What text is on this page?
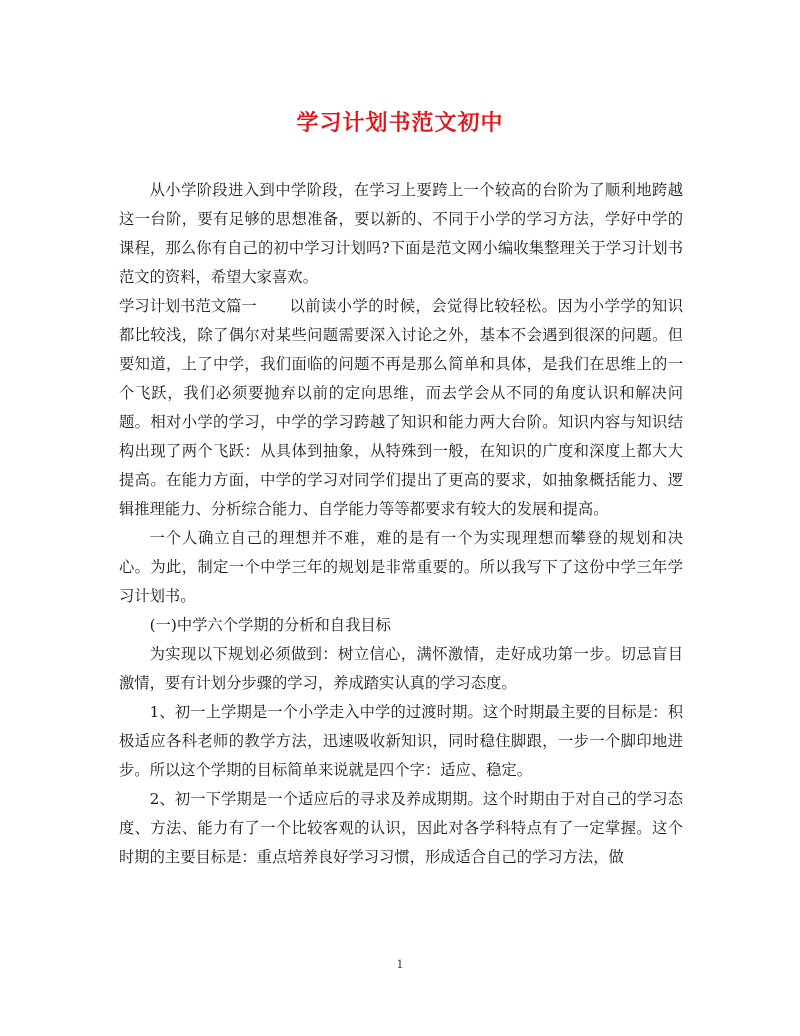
学习计划书范文初中

从小学阶段进入到中学阶段，在学习上要跨上一个较高的台阶为了顺利地跨越这一台阶，要有足够的思想准备，要以新的、不同于小学的学习方法，学好中学的课程，那么你有自己的初中学习计划吗?下面是范文网小编收集整理关于学习计划书范文的资料，希望大家喜欢。

学习计划书范文篇一 以前读小学的时候，会觉得比较轻松。因为小学学的知识都比较浅，除了偶尔对某些问题需要深入讨论之外，基本不会遇到很深的问题。但要知道，上了中学，我们面临的问题不再是那么简单和具体，是我们在思维上的一个飞跃，我们必须要抛弃以前的定向思维，而去学会从不同的角度认识和解决问题。相对小学的学习，中学的学习跨越了知识和能力两大台阶。知识内容与知识结构出现了两个飞跃：从具体到抽象，从特殊到一般，在知识的广度和深度上都大大提高。在能力方面，中学的学习对同学们提出了更高的要求，如抽象概括能力、逻辑推理能力、分析综合能力、自学能力等等都要求有较大的发展和提高。

一个人确立自己的理想并不难，难的是有一个为实现理想而攀登的规划和决心。为此，制定一个中学三年的规划是非常重要的。所以我写下了这份中学三年学习计划书。

(一)中学六个学期的分析和自我目标

为实现以下规划必须做到：树立信心，满怀激情，走好成功第一步。切忌盲目激情，要有计划分步骤的学习，养成踏实认真的学习态度。

1、初一上学期是一个小学走入中学的过渡时期。这个时期最主要的目标是：积极适应各科老师的教学方法，迅速吸收新知识，同时稳住脚跟，一步一个脚印地进步。所以这个学期的目标简单来说就是四个字：适应、稳定。

2、初一下学期是一个适应后的寻求及养成期期。这个时期由于对自己的学习态度、方法、能力有了一个比较客观的认识，因此对各学科特点有了一定掌握。这个时期的主要目标是：重点培养良好学习习惯，形成适合自己的学习方法，做

1
